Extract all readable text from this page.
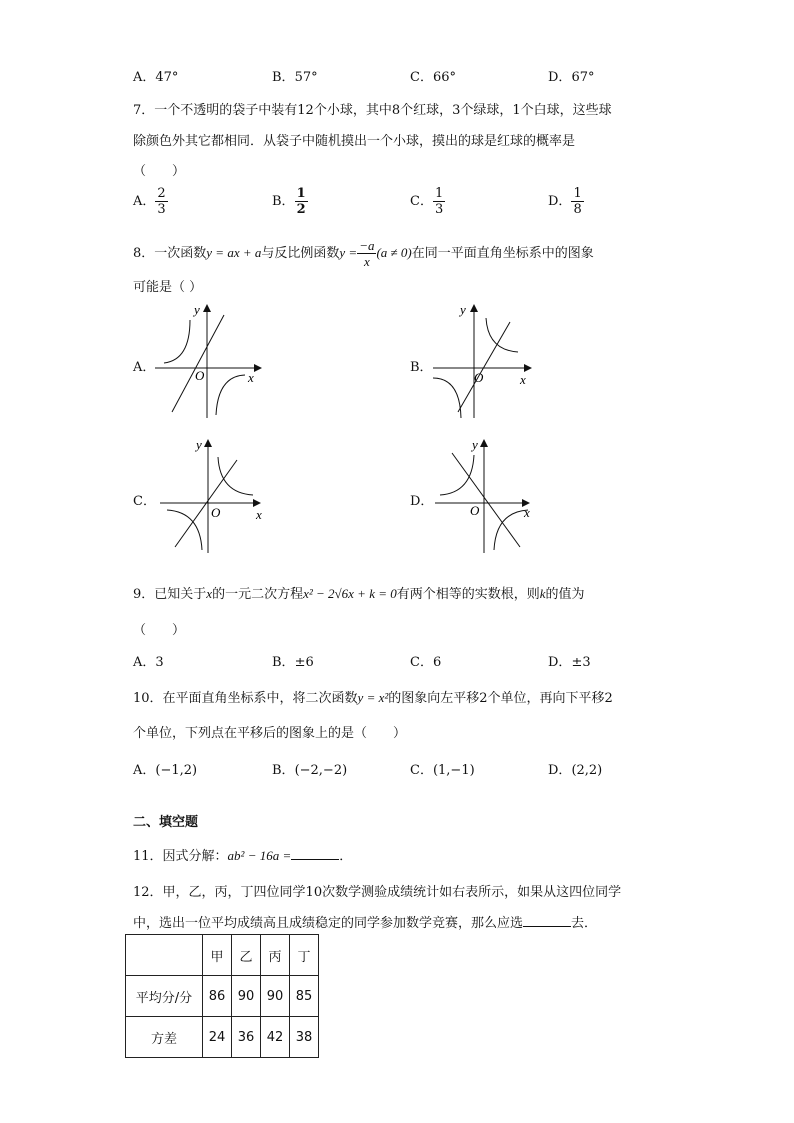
A．47°	B．57°	C．66°	D．67°
7．一个不透明的袋子中装有12个小球，其中8个红球，3个绿球，1个白球，这些球
除颜色外其它都相同．从袋子中随机摸出一个小球，摸出的球是红球的概率是
（　　）
A． $\frac{2}{3}$	B． $\frac{1}{2}$	C． $\frac{1}{3}$	D． $\frac{1}{8}$
8．一次函数y = ax + a与反比例函数$y = \frac{-a}{x} (a \ne 0)$在同一平面直角坐标系中的图象
可能是（ ）
A．
O	x
y
B．
O	x
y
C．
O	x
y
D．
O	x
y
9．已知关于x的一元二次方程x² − 2√6x + k = 0有两个相等的实数根，则k的值为
（　　）
A．3	B．±6	C．6	D．±3
10．在平面直角坐标系中，将二次函数y = x²的图象向左平移2个单位，再向下平移2
个单位，下列点在平移后的图象上的是（　　）
A．(−1,2)	B．(−2,−2)	C．(1,−1)	D．(2,2)
二、填空题
11．因式分解：ab² − 16a =	．
12．甲，乙，丙，丁四位同学10次数学测验成绩统计如右表所示，如果从这四位同学
中，选出一位平均成绩高且成绩稳定的同学参加数学竞赛，那么应选	去．
	甲	乙	丙	丁
平均分/分	86	90	90	85
方差	24	36	42	38
